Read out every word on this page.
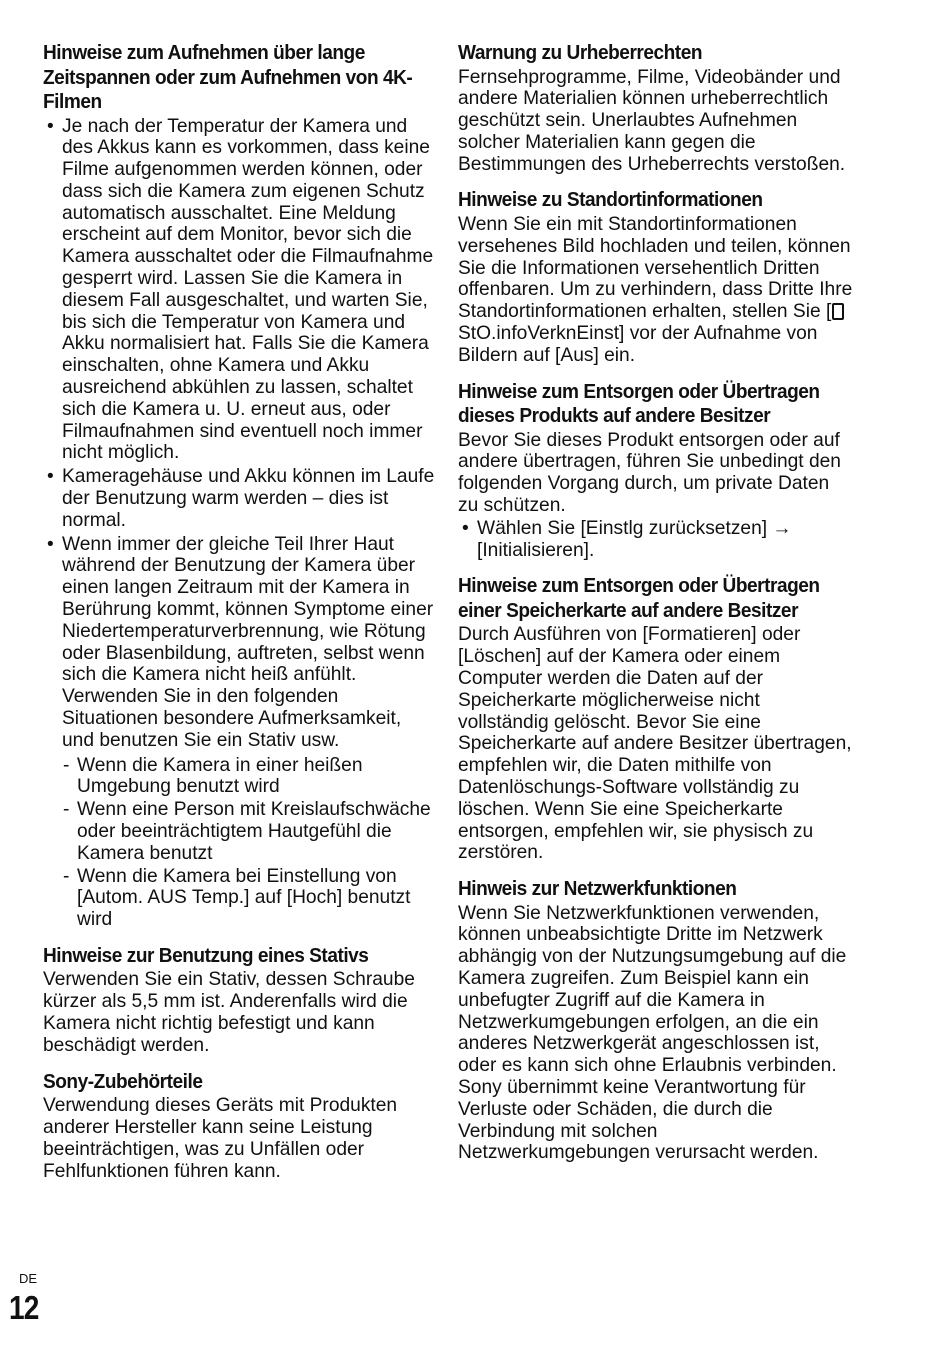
Hinweise zum Aufnehmen über lange Zeitspannen oder zum Aufnehmen von 4K-Filmen
• Je nach der Temperatur der Kamera und des Akkus kann es vorkommen, dass keine Filme aufgenommen werden können, oder dass sich die Kamera zum eigenen Schutz automatisch ausschaltet. Eine Meldung erscheint auf dem Monitor, bevor sich die Kamera ausschaltet oder die Filmaufnahme gesperrt wird. Lassen Sie die Kamera in diesem Fall ausgeschaltet, und warten Sie, bis sich die Temperatur von Kamera und Akku normalisiert hat. Falls Sie die Kamera einschalten, ohne Kamera und Akku ausreichend abkühlen zu lassen, schaltet sich die Kamera u. U. erneut aus, oder Filmaufnahmen sind eventuell noch immer nicht möglich.
• Kameragehäuse und Akku können im Laufe der Benutzung warm werden – dies ist normal.
• Wenn immer der gleiche Teil Ihrer Haut während der Benutzung der Kamera über einen langen Zeitraum mit der Kamera in Berührung kommt, können Symptome einer Niedertemperaturverbrennung, wie Rötung oder Blasenbildung, auftreten, selbst wenn sich die Kamera nicht heiß anfühlt. Verwenden Sie in den folgenden Situationen besondere Aufmerksamkeit, und benutzen Sie ein Stativ usw.
- Wenn die Kamera in einer heißen Umgebung benutzt wird
- Wenn eine Person mit Kreislaufschwäche oder beeinträchtigtem Hautgefühl die Kamera benutzt
- Wenn die Kamera bei Einstellung von [Autom. AUS Temp.] auf [Hoch] benutzt wird
Hinweise zur Benutzung eines Stativs

Verwenden Sie ein Stativ, dessen Schraube kürzer als 5,5 mm ist. Anderenfalls wird die Kamera nicht richtig befestigt und kann beschädigt werden.

Sony-Zubehörteile

Verwendung dieses Geräts mit Produkten anderer Hersteller kann seine Leistung beeinträchtigen, was zu Unfällen oder Fehlfunktionen führen kann.

Warnung zu Urheberrechten

Fernsehprogramme, Filme, Videobänder und andere Materialien können urheberrechtlich geschützt sein. Unerlaubtes Aufnehmen solcher Materialien kann gegen die Bestimmungen des Urheberrechts verstoßen.

Hinweise zu Standortinformationen

Wenn Sie ein mit Standortinformationen versehenes Bild hochladen und teilen, können Sie die Informationen versehentlich Dritten offenbaren. Um zu verhindern, dass Dritte Ihre Standortinformationen erhalten, stellen Sie [StO.infoVerknEinst] vor der Aufnahme von Bildern auf [Aus] ein.

Hinweise zum Entsorgen oder Übertragen dieses Produkts auf andere Besitzer

Bevor Sie dieses Produkt entsorgen oder auf andere übertragen, führen Sie unbedingt den folgenden Vorgang durch, um private Daten zu schützen.

• Wählen Sie [Einstlg zurücksetzen] → [Initialisieren].
Hinweise zum Entsorgen oder Übertragen einer Speicherkarte auf andere Besitzer

Durch Ausführen von [Formatieren] oder [Löschen] auf der Kamera oder einem Computer werden die Daten auf der Speicherkarte möglicherweise nicht vollständig gelöscht. Bevor Sie eine Speicherkarte auf andere Besitzer übertragen, empfehlen wir, die Daten mithilfe von Datenlöschungs-Software vollständig zu löschen. Wenn Sie eine Speicherkarte entsorgen, empfehlen wir, sie physisch zu zerstören.

Hinweis zur Netzwerkfunktionen

Wenn Sie Netzwerkfunktionen verwenden, können unbeabsichtigte Dritte im Netzwerk abhängig von der Nutzungsumgebung auf die Kamera zugreifen. Zum Beispiel kann ein unbefugter Zugriff auf die Kamera in Netzwerkumgebungen erfolgen, an die ein anderes Netzwerkgerät angeschlossen ist, oder es kann sich ohne Erlaubnis verbinden. Sony übernimmt keine Verantwortung für Verluste oder Schäden, die durch die Verbindung mit solchen Netzwerkumgebungen verursacht werden.

DE
12
